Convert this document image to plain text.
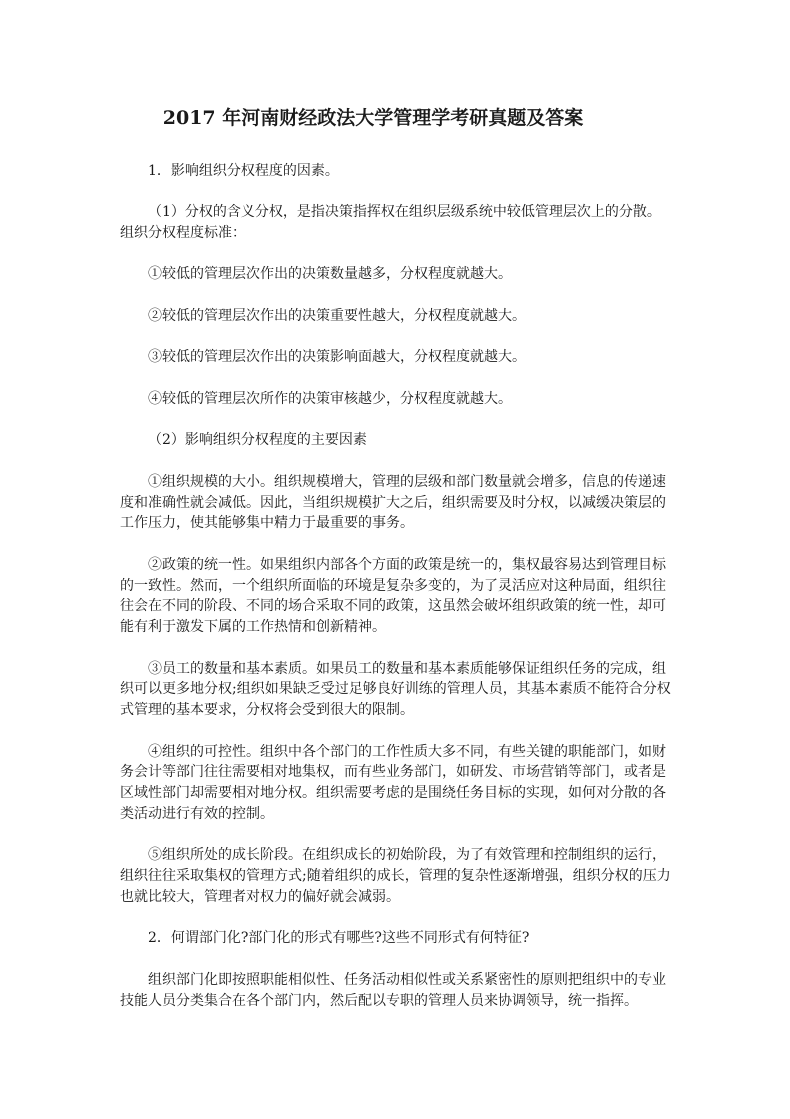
2017 年河南财经政法大学管理学考研真题及答案
1．影响组织分权程度的因素。
（1）分权的含义分权，是指决策指挥权在组织层级系统中较低管理层次上的分散。
组织分权程度标准：
①较低的管理层次作出的决策数量越多，分权程度就越大。
②较低的管理层次作出的决策重要性越大，分权程度就越大。
③较低的管理层次作出的决策影响面越大，分权程度就越大。
④较低的管理层次所作的决策审核越少，分权程度就越大。
（2）影响组织分权程度的主要因素
①组织规模的大小。组织规模增大，管理的层级和部门数量就会增多，信息的传递速
度和准确性就会减低。因此，当组织规模扩大之后，组织需要及时分权，以减缓决策层的
工作压力，使其能够集中精力于最重要的事务。
②政策的统一性。如果组织内部各个方面的政策是统一的，集权最容易达到管理目标
的一致性。然而，一个组织所面临的环境是复杂多变的，为了灵活应对这种局面，组织往
往会在不同的阶段、不同的场合采取不同的政策，这虽然会破坏组织政策的统一性，却可
能有利于激发下属的工作热情和创新精神。
③员工的数量和基本素质。如果员工的数量和基本素质能够保证组织任务的完成，组
织可以更多地分权;组织如果缺乏受过足够良好训练的管理人员，其基本素质不能符合分权
式管理的基本要求，分权将会受到很大的限制。
④组织的可控性。组织中各个部门的工作性质大多不同，有些关键的职能部门，如财
务会计等部门往往需要相对地集权，而有些业务部门，如研发、市场营销等部门，或者是
区域性部门却需要相对地分权。组织需要考虑的是围绕任务目标的实现，如何对分散的各
类活动进行有效的控制。
⑤组织所处的成长阶段。在组织成长的初始阶段，为了有效管理和控制组织的运行，
组织往往采取集权的管理方式;随着组织的成长，管理的复杂性逐渐增强，组织分权的压力
也就比较大，管理者对权力的偏好就会减弱。
2．何谓部门化?部门化的形式有哪些?这些不同形式有何特征?
组织部门化即按照职能相似性、任务活动相似性或关系紧密性的原则把组织中的专业
技能人员分类集合在各个部门内，然后配以专职的管理人员来协调领导，统一指挥。
